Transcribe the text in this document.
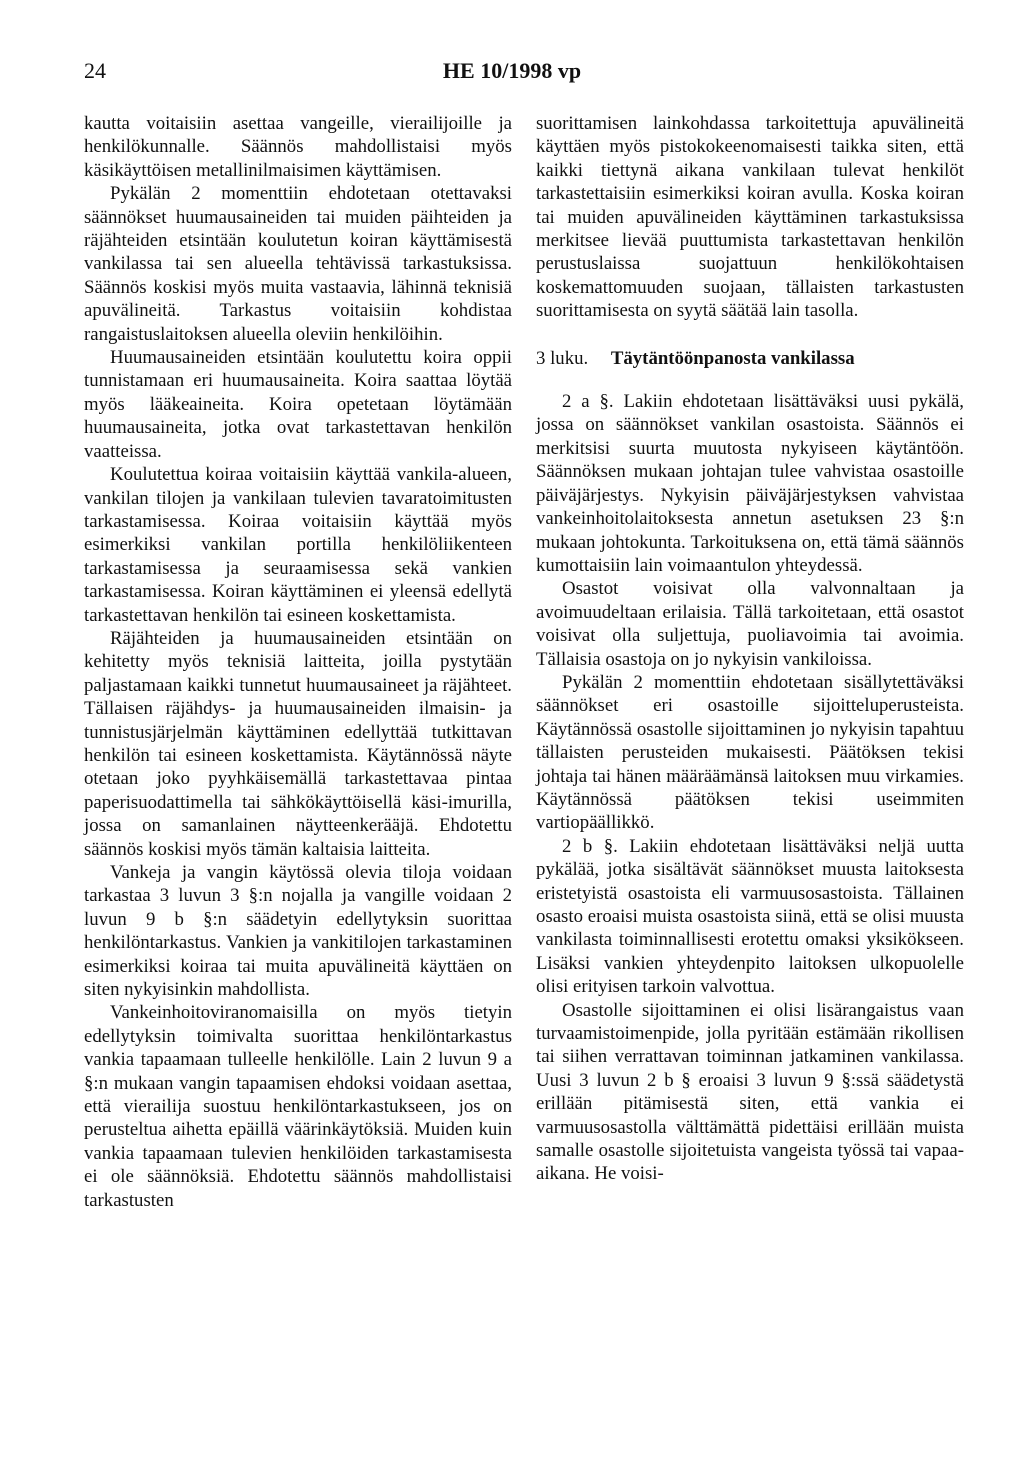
24	HE 10/1998 vp

kautta voitaisiin asettaa vangeille, vierailijoille ja henkilökunnalle. Säännös mahdollistaisi myös käsikäyttöisen metallinilmaisimen käyttämisen.

Pykälän 2 momenttiin ehdotetaan otettavaksi säännökset huumausaineiden tai muiden päihteiden ja räjähteiden etsintään koulutetun koiran käyttämisestä vankilassa tai sen alueella tehtävissä tarkastuksissa. Säännös koskisi myös muita vastaavia, lähinnä teknisiä apuvälineitä. Tarkastus voitaisiin kohdistaa rangaistuslaitoksen alueella oleviin henkilöihin.

Huumausaineiden etsintään koulutettu koira oppii tunnistamaan eri huumausaineita. Koira saattaa löytää myös lääkeaineita. Koira opetetaan löytämään huumausaineita, jotka ovat tarkastettavan henkilön vaatteissa.

Koulutettua koiraa voitaisiin käyttää vankila-alueen, vankilan tilojen ja vankilaan tulevien tavaratoimitusten tarkastamisessa. Koiraa voitaisiin käyttää myös esimerkiksi vankilan portilla henkilöliikenteen tarkastamisessa ja seuraamisessa sekä vankien tarkastamisessa. Koiran käyttäminen ei yleensä edellytä tarkastettavan henkilön tai esineen koskettamista.

Räjähteiden ja huumausaineiden etsintään on kehitetty myös teknisiä laitteita, joilla pystytään paljastamaan kaikki tunnetut huumausaineet ja räjähteet. Tällaisen räjähdys- ja huumausaineiden ilmaisin- ja tunnistusjärjelmän käyttäminen edellyttää tutkittavan henkilön tai esineen koskettamista. Käytännössä näyte otetaan joko pyyhkäisemällä tarkastettavaa pintaa paperisuodattimella tai sähkökäyttöisellä käsi-imurilla, jossa on samanlainen näytteenkerääjä. Ehdotettu säännös koskisi myös tämän kaltaisia laitteita.

Vankeja ja vangin käytössä olevia tiloja voidaan tarkastaa 3 luvun 3 §:n nojalla ja vangille voidaan 2 luvun 9 b §:n säädetyin edellytyksin suorittaa henkilöntarkastus. Vankien ja vankitilojen tarkastaminen esimerkiksi koiraa tai muita apuvälineitä käyttäen on siten nykyisinkin mahdollista.

Vankeinhoitoviranomaisilla on myös tietyin edellytyksin toimivalta suorittaa henkilöntarkastus vankia tapaamaan tulleelle henkilölle. Lain 2 luvun 9 a §:n mukaan vangin tapaamisen ehdoksi voidaan asettaa, että vierailija suostuu henkilöntarkastukseen, jos on perusteltua aihetta epäillä väärinkäytöksiä. Muiden kuin vankia tapaamaan tulevien henkilöiden tarkastamisesta ei ole säännöksiä. Ehdotettu säännös mahdollistaisi tarkastusten

suorittamisen lainkohdassa tarkoitettuja apuvälineitä käyttäen myös pistokokeenomaisesti taikka siten, että kaikki tiettynä aikana vankilaan tulevat henkilöt tarkastettaisiin esimerkiksi koiran avulla. Koska koiran tai muiden apuvälineiden käyttäminen tarkastuksissa merkitsee lievää puuttumista tarkastettavan henkilön perustuslaissa suojattuun henkilökohtaisen koskemattomuuden suojaan, tällaisten tarkastusten suorittamisesta on syytä säätää lain tasolla.

3 luku. Täytäntöönpanosta vankilassa

2 a §. Lakiin ehdotetaan lisättäväksi uusi pykälä, jossa on säännökset vankilan osastoista. Säännös ei merkitsisi suurta muutosta nykyiseen käytäntöön. Säännöksen mukaan johtajan tulee vahvistaa osastoille päiväjärjestys. Nykyisin päiväjärjestyksen vahvistaa vankeinhoitolaitoksesta annetun asetuksen 23 §:n mukaan johtokunta. Tarkoituksena on, että tämä säännös kumottaisiin lain voimaantulon yhteydessä.

Osastot voisivat olla valvonnaltaan ja avoimuudeltaan erilaisia. Tällä tarkoitetaan, että osastot voisivat olla suljettuja, puoliavoimia tai avoimia. Tällaisia osastoja on jo nykyisin vankiloissa.

Pykälän 2 momenttiin ehdotetaan sisällytettäväksi säännökset eri osastoille sijoitteluperusteista. Käytännössä osastolle sijoittaminen jo nykyisin tapahtuu tällaisten perusteiden mukaisesti. Päätöksen tekisi johtaja tai hänen määräämänsä laitoksen muu virkamies. Käytännössä päätöksen tekisi useimmiten vartiopäällikkö.

2 b §. Lakiin ehdotetaan lisättäväksi neljä uutta pykälää, jotka sisältävät säännökset muusta laitoksesta eristetyistä osastoista eli varmuusosastoista. Tällainen osasto eroaisi muista osastoista siinä, että se olisi muusta vankilasta toiminnallisesti erotettu omaksi yksikökseen. Lisäksi vankien yhteydenpito laitoksen ulkopuolelle olisi erityisen tarkoin valvottua.

Osastolle sijoittaminen ei olisi lisärangaistus vaan turvaamistoimenpide, jolla pyritään estämään rikollisen tai siihen verrattavan toiminnan jatkaminen vankilassa. Uusi 3 luvun 2 b § eroaisi 3 luvun 9 §:ssä säädetystä erillään pitämisestä siten, että vankia ei varmuusosastolla välttämättä pidettäisi erillään muista samalle osastolle sijoitetuista vangeista työssä tai vapaa-aikana. He voisi-
